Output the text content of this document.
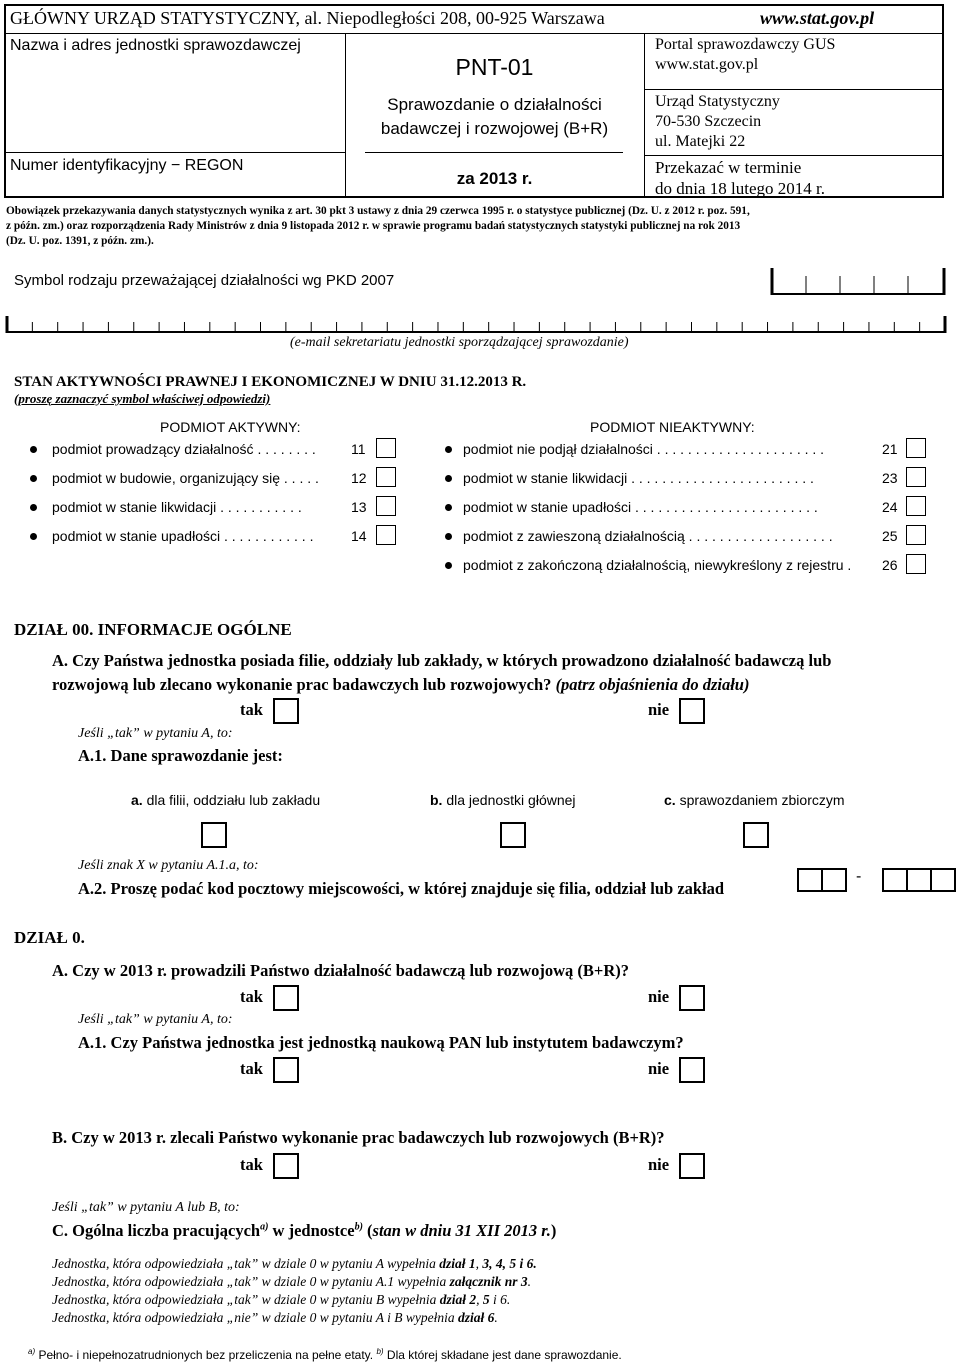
GŁÓWNY URZĄD STATYSTYCZNY, al. Niepodległości 208, 00-925 Warszawa	www.stat.gov.pl
Nazwa i adres jednostki sprawozdawczej
Numer identyfikacyjny − REGON
PNT-01
Sprawozdanie o działalności
badawczej i rozwojowej (B+R)
za 2013 r.
Portal sprawozdawczy GUS
www.stat.gov.pl
Urząd Statystyczny
70-530 Szczecin
ul. Matejki 22
Przekazać w terminie
do dnia 18 lutego 2014 r.
Obowiązek przekazywania danych statystycznych wynika z art. 30 pkt 3 ustawy z dnia 29 czerwca 1995 r. o statystyce publicznej (Dz. U. z 2012 r. poz. 591,
z późn. zm.) oraz rozporządzenia Rady Ministrów z dnia 9 listopada 2012 r. w sprawie programu badań statystycznych statystyki publicznej na rok 2013
(Dz. U. poz. 1391, z późn. zm.).
Symbol rodzaju przeważającej działalności wg PKD 2007
(e-mail sekretariatu jednostki sporządzającej sprawozdanie)
STAN AKTYWNOŚCI PRAWNEJ I EKONOMICZNEJ W DNIU 31.12.2013 R.
(proszę zaznaczyć symbol właściwej odpowiedzi)
PODMIOT AKTYWNY:	PODMIOT NIEAKTYWNY:
podmiot prowadzący działalność . . . . . . . .	11
podmiot w budowie, organizujący się . . . . . 12
podmiot w stanie likwidacji . . . . . . . . . . .	13
podmiot w stanie upadłości . . . . . . . . . . . .	14
podmiot nie podjął działalności . . . . . . . . . . . . . . . . . . . . . .	21
podmiot w stanie likwidacji . . . . . . . . . . . . . . . . . . . . . . . .	23
podmiot w stanie upadłości . . . . . . . . . . . . . . . . . . . . . . . .	24
podmiot z zawieszoną działalnością . . . . . . . . . . . . . . . . . . .	25
podmiot z zakończoną działalnością, niewykreślony z rejestru . 26
DZIAŁ 00. INFORMACJE OGÓLNE
A. Czy Państwa jednostka posiada filie, oddziały lub zakłady, w których prowadzono działalność badawczą lub
rozwojową lub zlecano wykonanie prac badawczych lub rozwojowych? (patrz objaśnienia do działu)
tak	nie
Jeśli „tak” w pytaniu A, to:
A.1. Dane sprawozdanie jest:
a. dla filii, oddziału lub zakładu	b. dla jednostki głównej	c. sprawozdaniem zbiorczym
Jeśli znak X w pytaniu A.1.a, to:
A.2. Proszę podać kod pocztowy miejscowości, w której znajduje się filia, oddział lub zakład
-
DZIAŁ 0.
A. Czy w 2013 r. prowadzili Państwo działalność badawczą lub rozwojową (B+R)?
tak	nie
Jeśli „tak” w pytaniu A, to:
A.1. Czy Państwa jednostka jest jednostką naukową PAN lub instytutem badawczym?
tak	nie
B. Czy w 2013 r. zlecali Państwo wykonanie prac badawczych lub rozwojowych (B+R)?
tak	nie
Jeśli „tak” w pytaniu A lub B, to:
C. Ogólna liczba pracujących$^{a)}$ w jednostce$^{b)}$ (stan w dniu 31 XII 2013 r.)
Jednostka, która odpowiedziała „tak” w dziale 0 w pytaniu A wypełnia dział 1, 3, 4, 5 i 6.
Jednostka, która odpowiedziała „tak” w dziale 0 w pytaniu A.1 wypełnia załącznik nr 3.
Jednostka, która odpowiedziała „tak” w dziale 0 w pytaniu B wypełnia dział 2, 5 i 6.
Jednostka, która odpowiedziała „nie” w dziale 0 w pytaniu A i B wypełnia dział 6.
$^{a)}$ Pełno- i niepełnozatrudnionych bez przeliczenia na pełne etaty. $^{b)}$ Dla której składane jest dane sprawozdanie.
